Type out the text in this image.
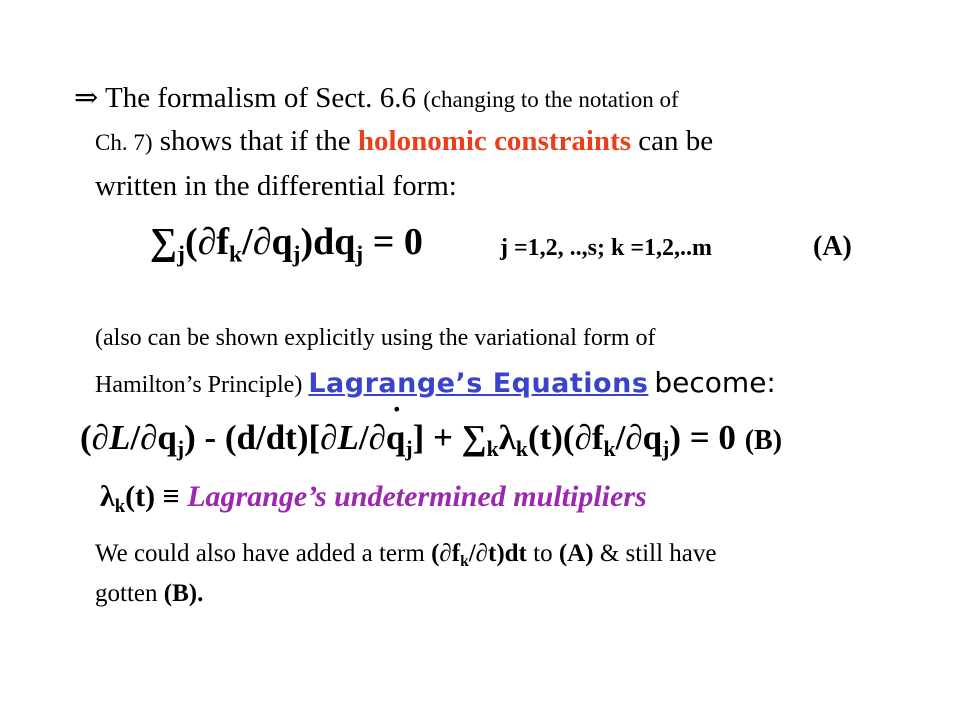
⇒ The formalism of Sect. 6.6 (changing to the notation of
Ch. 7) shows that if the holonomic constraints can be
written in the differential form:
$\sum_j(\partial f_k/\partial q_j)dq_j = 0$	j =1,2, ..,s; k =1,2,..m	(A)
(also can be shown explicitly using the variational form of
Hamilton’s Principle) Lagrange’s Equations become:
$(\partial L/\partial q_j) - (d/dt)[\partial L/\partial q$ $˙_j] + \sum_k\lambda_k(t)(\partial f_k/\partial q_j) = 0$ (B)
$\lambda_k(t)$ ≡ Lagrange’s undetermined multipliers
We could also have added a term $(\partial f_k/\partial t)dt$ to (A) & still have
gotten (B).
